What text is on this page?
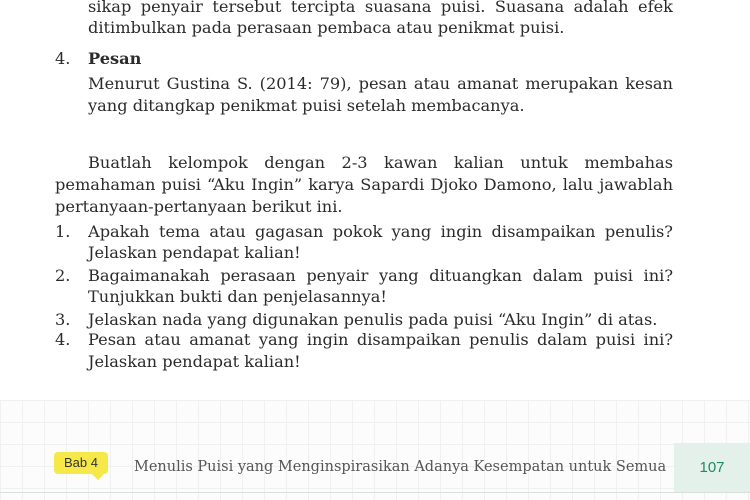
sikap penyair tersebut tercipta suasana puisi. Suasana adalah efek
ditimbulkan pada perasaan pembaca atau penikmat puisi.
4. Pesan
Menurut Gustina S. (2014: 79), pesan atau amanat merupakan kesan
yang ditangkap penikmat puisi setelah membacanya.
Buatlah kelompok dengan 2-3 kawan kalian untuk membahas
pemahaman puisi “Aku Ingin” karya Sapardi Djoko Damono, lalu jawablah
pertanyaan-pertanyaan berikut ini.
1. Apakah tema atau gagasan pokok yang ingin disampaikan penulis?
Jelaskan pendapat kalian!
2. Bagaimanakah perasaan penyair yang dituangkan dalam puisi ini?
Tunjukkan bukti dan penjelasannya!
3. Jelaskan nada yang digunakan penulis pada puisi “Aku Ingin” di atas.
4. Pesan atau amanat yang ingin disampaikan penulis dalam puisi ini?
Jelaskan pendapat kalian!
Bab 4	Menulis Puisi yang Menginspirasikan Adanya Kesempatan untuk Semua	107
